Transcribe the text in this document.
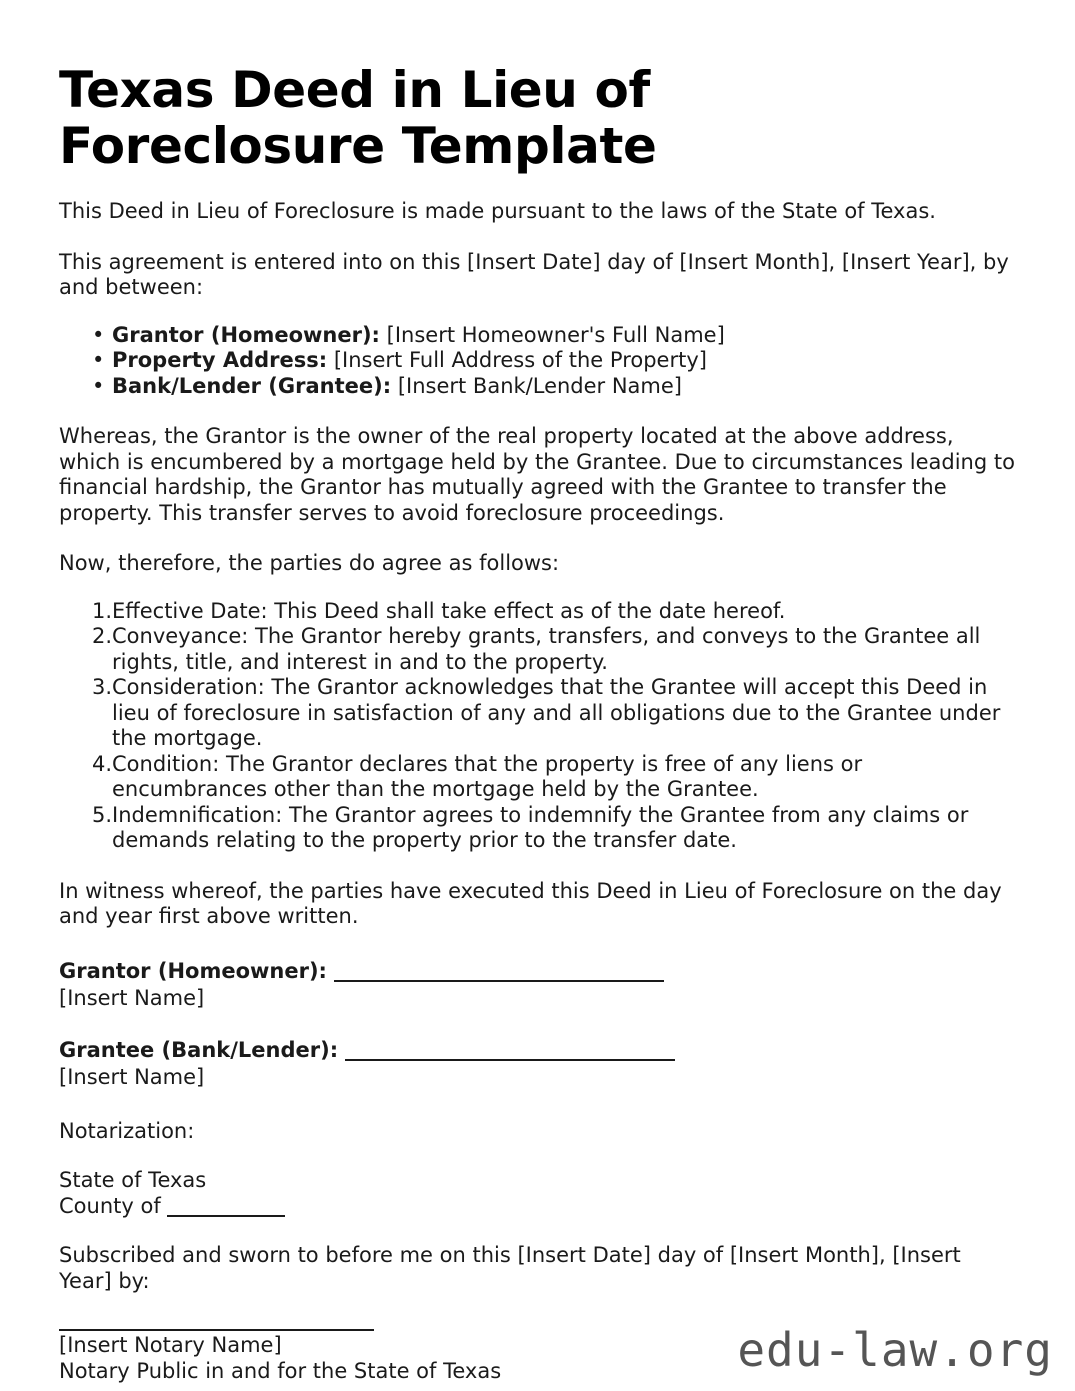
Texas Deed in Lieu of Foreclosure Template

This Deed in Lieu of Foreclosure is made pursuant to the laws of the State of Texas.

This agreement is entered into on this [Insert Date] day of [Insert Month], [Insert Year], by and between:

• Grantor (Homeowner): [Insert Homeowner's Full Name]
• Property Address: [Insert Full Address of the Property]
• Bank/Lender (Grantee): [Insert Bank/Lender Name]

Whereas, the Grantor is the owner of the real property located at the above address, which is encumbered by a mortgage held by the Grantee. Due to circumstances leading to financial hardship, the Grantor has mutually agreed with the Grantee to transfer the property. This transfer serves to avoid foreclosure proceedings.

Now, therefore, the parties do agree as follows:

Effective Date: This Deed shall take effect as of the date hereof.
Conveyance: The Grantor hereby grants, transfers, and conveys to the Grantee all rights, title, and interest in and to the property.
Consideration: The Grantor acknowledges that the Grantee will accept this Deed in lieu of foreclosure in satisfaction of any and all obligations due to the Grantee under the mortgage.
Condition: The Grantor declares that the property is free of any liens or encumbrances other than the mortgage held by the Grantee.
Indemnification: The Grantor agrees to indemnify the Grantee from any claims or demands relating to the property prior to the transfer date.

In witness whereof, the parties have executed this Deed in Lieu of Foreclosure on the day and year first above written.

Grantor (Homeowner):
[Insert Name]
Grantee (Bank/Lender):
[Insert Name]
Notarization:
State of Texas
County of

Subscribed and sworn to before me on this [Insert Date] day of [Insert Month], [Insert Year] by:

[Insert Notary Name]
Notary Public in and for the State of Texas	edu-law.org
